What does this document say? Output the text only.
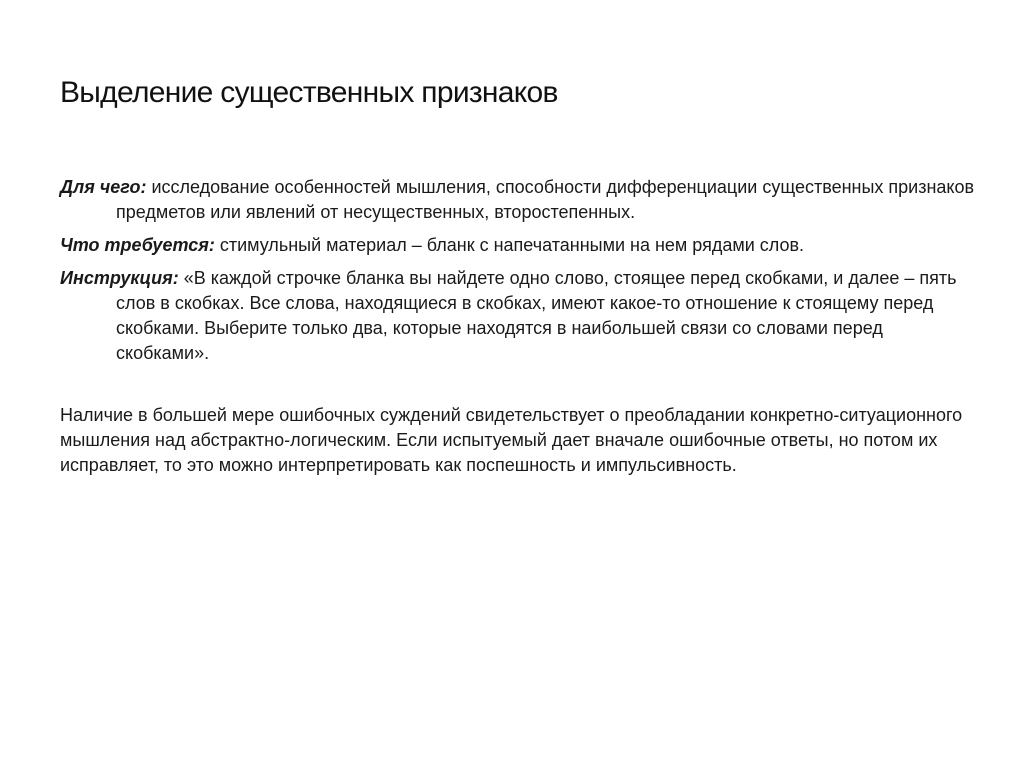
Выделение существенных признаков

Для чего: исследование особенностей мышления, способности дифференциации существенных признаков предметов или явлений от несущественных, второстепенных.

Что требуется: стимульный материал – бланк с напечатанными на нем рядами слов.

Инструкция: «В каждой строчке бланка вы найдете одно слово, стоящее перед скобками, и далее – пять слов в скобках. Все слова, находящиеся в скобках, имеют какое-то отношение к стоящему перед скобками. Выберите только два, которые находятся в наибольшей связи со словами перед скобками».

Наличие в большей мере ошибочных суждений свидетельствует о преобладании конкретно-ситуационного мышления над абстрактно-логическим. Если испытуемый дает вначале ошибочные ответы, но потом их исправляет, то это можно интерпретировать как поспешность и импульсивность.
